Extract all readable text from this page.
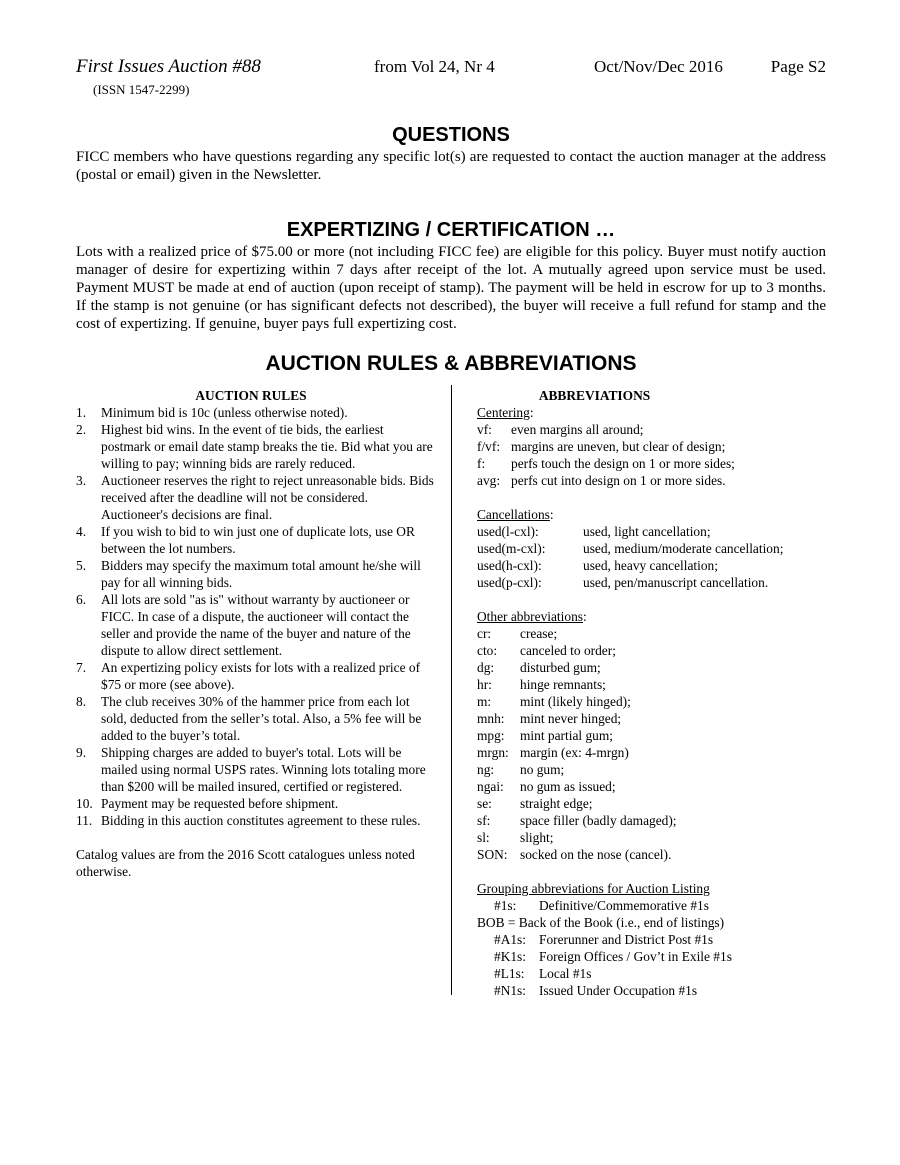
First Issues Auction #88	from Vol 24, Nr 4	Oct/Nov/Dec 2016	Page S2
(ISSN 1547-2299)
QUESTIONS

FICC members who have questions regarding any specific lot(s) are requested to contact the auction manager at the address (postal or email) given in the Newsletter.

EXPERTIZING / CERTIFICATION …

Lots with a realized price of $75.00 or more (not including FICC fee) are eligible for this policy. Buyer must notify auction manager of desire for expertizing within 7 days after receipt of the lot. A mutually agreed upon service must be used. Payment MUST be made at end of auction (upon receipt of stamp). The payment will be held in escrow for up to 3 months. If the stamp is not genuine (or has significant defects not described), the buyer will receive a full refund for stamp and the cost of expertizing. If genuine, buyer pays full expertizing cost.

AUCTION RULES & ABBREVIATIONS
AUCTION RULES
1. Minimum bid is 10c (unless otherwise noted).
2. Highest bid wins. In the event of tie bids, the earliest postmark or email date stamp breaks the tie. Bid what you are willing to pay; winning bids are rarely reduced.
3. Auctioneer reserves the right to reject unreasonable bids. Bids received after the deadline will not be considered. Auctioneer's decisions are final.
4. If you wish to bid to win just one of duplicate lots, use OR between the lot numbers.
5. Bidders may specify the maximum total amount he/she will pay for all winning bids.
6. All lots are sold "as is" without warranty by auctioneer or FICC. In case of a dispute, the auctioneer will contact the seller and provide the name of the buyer and nature of the dispute to allow direct settlement.
7. An expertizing policy exists for lots with a realized price of $75 or more (see above).
8. The club receives 30% of the hammer price from each lot sold, deducted from the seller’s total. Also, a 5% fee will be added to the buyer’s total.
9. Shipping charges are added to buyer's total. Lots will be mailed using normal USPS rates. Winning lots totaling more than $200 will be mailed insured, certified or registered.
10. Payment may be requested before shipment.
11. Bidding in this auction constitutes agreement to these rules.
Catalog values are from the 2016 Scott catalogues unless noted otherwise.
ABBREVIATIONS
Centering:
vf:	even margins all around;
f/vf: margins are uneven, but clear of design;
f:	perfs touch the design on 1 or more sides;
avg: perfs cut into design on 1 or more sides.
Cancellations:
used(l-cxl):	used, light cancellation;
used(m-cxl):	used, medium/moderate cancellation;
used(h-cxl):	used, heavy cancellation;
used(p-cxl):	used, pen/manuscript cancellation.
Other abbreviations:
cr:	crease;
cto:	canceled to order;
dg:	disturbed gum;
hr:	hinge remnants;
m:	mint (likely hinged);
mnh:	mint never hinged;
mpg:	mint partial gum;
mrgn: margin (ex: 4-mrgn)
ng:	no gum;
ngai:	no gum as issued;
se:	straight edge;
sf:	space filler (badly damaged);
sl:	slight;
SON: socked on the nose (cancel).
Grouping abbreviations for Auction Listing
#1s:	Definitive/Commemorative #1s
BOB = Back of the Book (i.e., end of listings)
#A1s: Forerunner and District Post #1s
#K1s: Foreign Offices / Gov’t in Exile #1s
#L1s:	Local #1s
#N1s: Issued Under Occupation #1s
